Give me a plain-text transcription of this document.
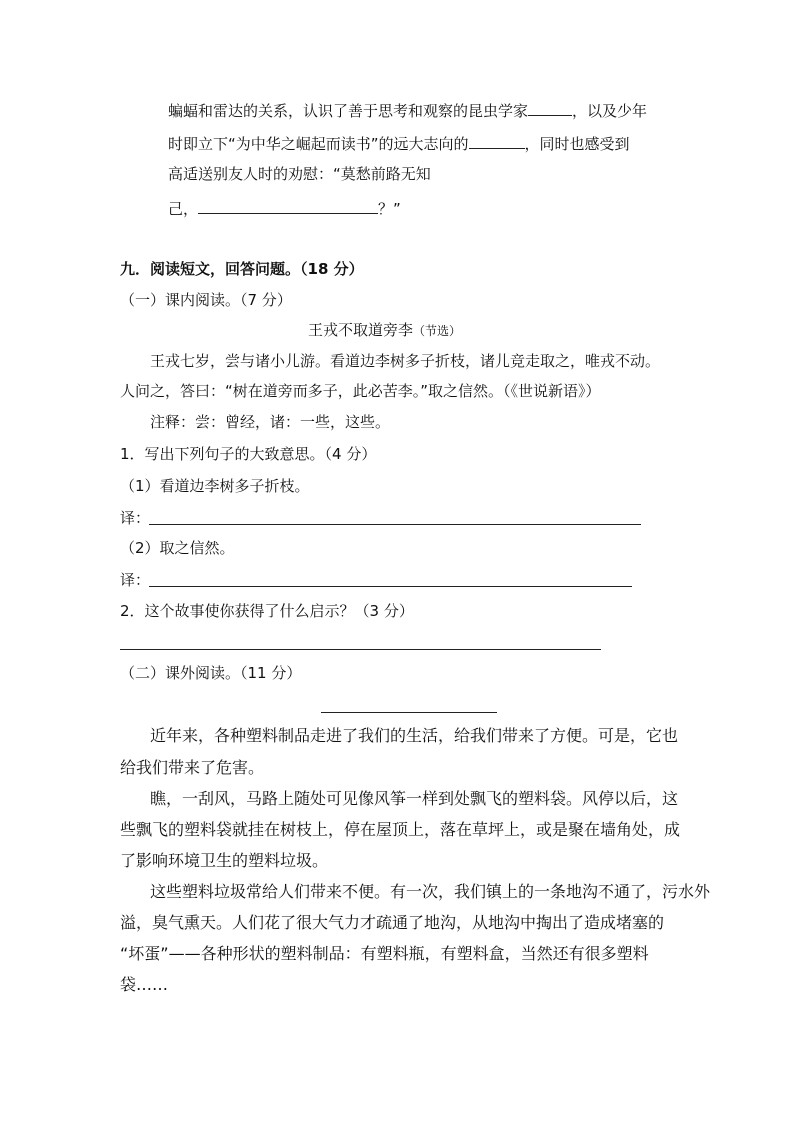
蝙蝠和雷达的关系，认识了善于思考和观察的昆虫学家	，以及少年
时即立下“为中华之崛起而读书”的远大志向的	，同时也感受到
高适送别友人时的劝慰：“莫愁前路无知
己，	？”
九．阅读短文，回答问题。（18 分）
（一）课内阅读。（7 分）
王戎不取道旁李（节选）
王戎七岁，尝与诸小儿游。看道边李树多子折枝，诸儿竞走取之，唯戎不动。
人问之，答曰：“树在道旁而多子，此必苦李。”取之信然。（《世说新语》）
注释：尝：曾经，诸：一些，这些。
1．写出下列句子的大致意思。（4 分）
（1）看道边李树多子折枝。
译：
（2）取之信然。
译：
2．这个故事使你获得了什么启示？（3 分）
（二）课外阅读。（11 分）
近年来，各种塑料制品走进了我们的生活，给我们带来了方便。可是，它也
给我们带来了危害。
瞧，一刮风，马路上随处可见像风筝一样到处飘飞的塑料袋。风停以后，这
些飘飞的塑料袋就挂在树枝上，停在屋顶上，落在草坪上，或是聚在墙角处，成
了影响环境卫生的塑料垃圾。
这些塑料垃圾常给人们带来不便。有一次，我们镇上的一条地沟不通了，污水外
溢，臭气熏天。人们花了很大气力才疏通了地沟，从地沟中掏出了造成堵塞的
“坏蛋”——各种形状的塑料制品：有塑料瓶，有塑料盒，当然还有很多塑料
袋……
